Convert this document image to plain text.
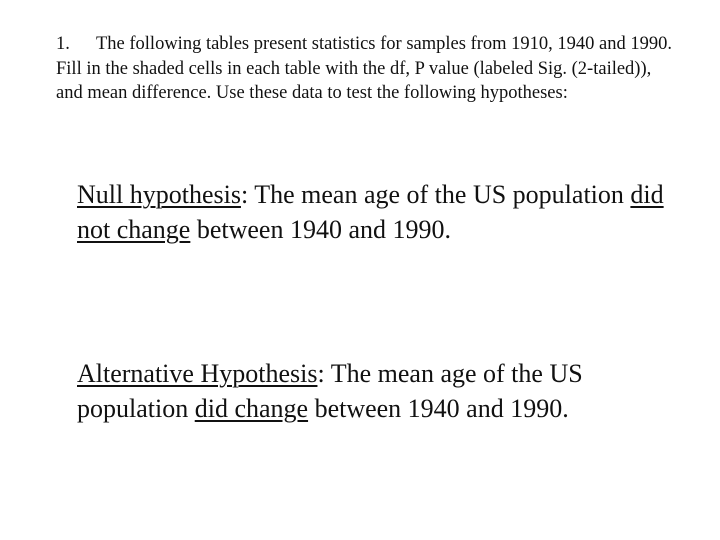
1. The following tables present statistics for samples from 1910, 1940 and 1990. Fill in the shaded cells in each table with the df, P value (labeled Sig. (2-tailed)), and mean difference. Use these data to test the following hypotheses:
Null hypothesis: The mean age of the US population did not change between 1940 and 1990.
Alternative Hypothesis: The mean age of the US population did change between 1940 and 1990.
